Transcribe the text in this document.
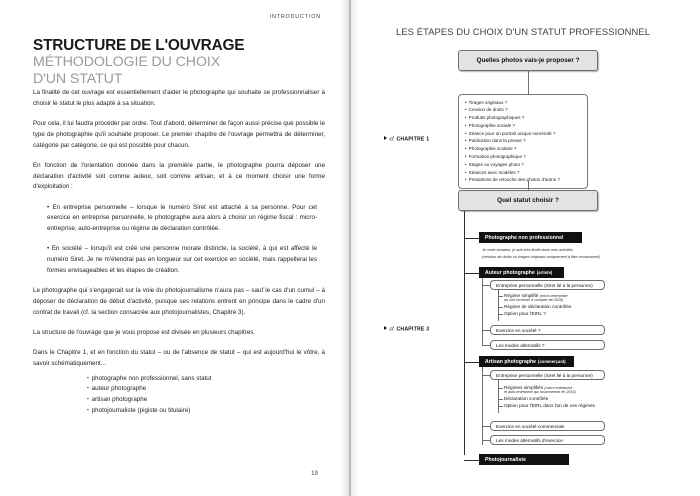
INTRODUCTION
STRUCTURE DE L'OUVRAGE
MÉTHODOLOGIE DU CHOIX
D'UN STATUT

La finalité de cet ouvrage est essentiellement d'aider le photographe qui souhaite se professionnaliser à choisir le statut le plus adapté à sa situation.

Pour cela, il lui faudra procéder par ordre. Tout d'abord, déterminer de façon aussi précise que possible le type de photographie qu'il souhaite proposer. Le premier chapitre de l'ouvrage permettra de déterminer, catégorie par catégorie, ce qui est possible pour chacun.

En fonction de l'orientation donnée dans la première partie, le photographe pourra déposer une déclaration d'activité soit comme auteur, soit comme artisan, et à ce moment choisir une forme d'exploitation :

• En entreprise personnelle – lorsque le numéro Siret est attaché à sa personne. Pour cet exercice en entreprise personnelle, le photographe aura alors à choisir un régime fiscal : micro-entreprise, auto-entreprise ou régime de déclaration contrôlée.

• En société – lorsqu'il est créé une personne morale distincte, la société, à qui est affecté le numéro Siret. Je ne m'étendrai pas en longueur sur cet exercice en société, mais rappellerai les formes envisageables et les étapes de création.

Le photographe qui s'engagerait sur la voie du photojournalisme n'aura pas – sauf le cas d'un cumul – à déposer de déclaration de début d'activité, puisque ses relations entrent en principe dans le cadre d'un contrat de travail (cf. la section consacrée aux photojournalistes, Chapitre 3).

La structure de l'ouvrage que je vous propose est divisée en plusieurs chapitres.

Dans le Chapitre 1, et en fonction du statut – ou de l'absence de statut – qui est aujourd'hui le vôtre, à savoir schématiquement...

▪ photographe non professionnel, sans statut
▪ auteur photographe
▪ artisan photographe
▪ photojournaliste (pigiste ou titulaire)
19
LES ÉTAPES DU CHOIX D'UN STATUT PROFESSIONNEL
cf. CHAPITRE 1
cf. CHAPITRE 3
Quelles photos vais-je proposer ?
• Tirages originaux ?
• Cession de droits ?
• Produits photographiques ?
• Photographie sociale ?
• Séance pour un portrait unique numéroté ?
• Publication dans la presse ?
• Photographie scolaire ?
• Formation photographique ?
• Stages ou voyages photo ?
• Séances avec modèles ?
• Prestations de retouche des photos d'autrui ?
Quel statut choisir ?
Photographe non professionnel
Je reste amateur, je suis très limité dans mes activités
(cession de droits ou tirages originaux uniquement à titre occasionnel)
Auteur photographe (artiste)
Entreprise personnelle (Siret lié à la personne)
Régime simplifié (micro-entreprise
au sort incertain à compter de 2016)
Régime de déclaration contrôlée
Option pour l'EIRL ?
Exercice en société ?
Les modes alternatifs ?
Artisan photographe (commerçant)
Entreprise personnelle (Siret lié à la personne)
Régimes simplifiés (micro-entreprise
et auto-entreprise qui fusionneront en 2016)
Déclaration contrôlée
Option pour l'EIRL dans l'un de ces régimes
Exercice en société commerciale
Les modes alternatifs d'exercice
Photojournaliste
